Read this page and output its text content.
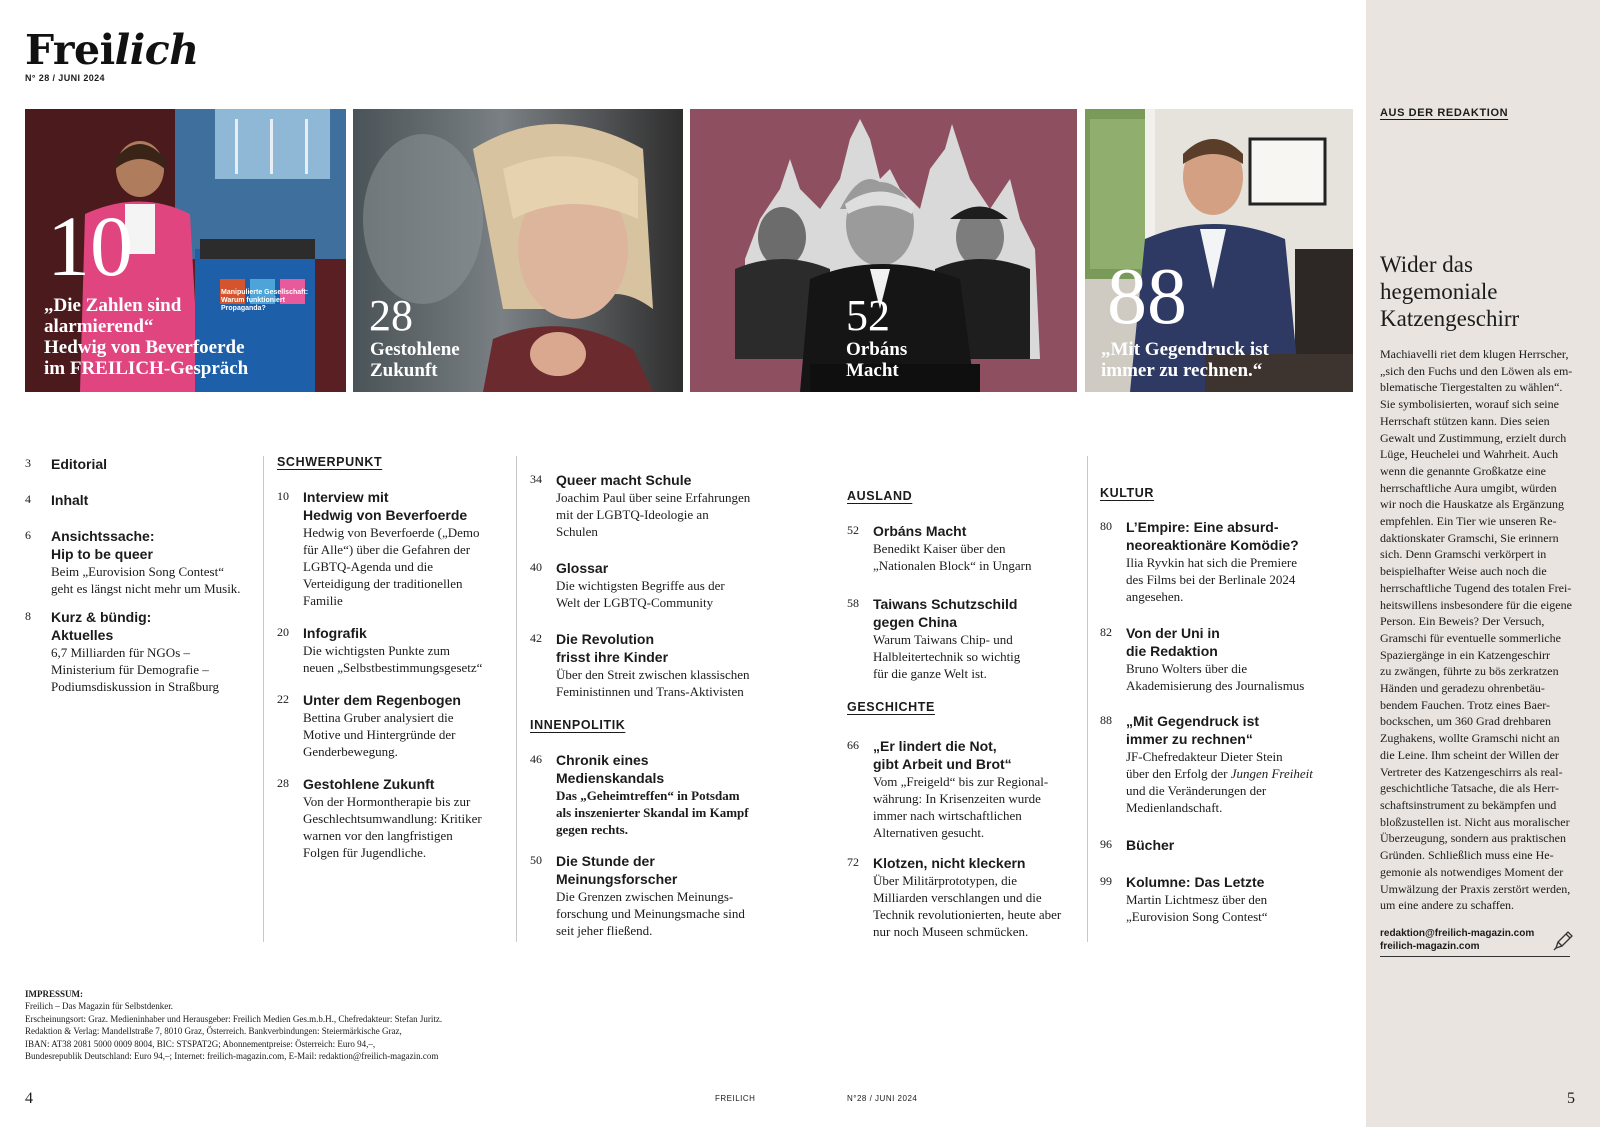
Freilich
N° 28 / JUNI 2024
Manipulierte Gesellschaft:
Warum funktioniert Propaganda?
10
„Die Zahlen sind
alarmierend“
Hedwig von Beverfoerde
im FREILICH-Gespräch
28
Gestohlene
Zukunft
52
Orbáns
Macht
88
„Mit Gegendruck ist
immer zu rechnen.“
3 Editorial
4 Inhalt
6 Ansichtssache:
Hip to be queer
Beim „Eurovision Song Contest“
geht es längst nicht mehr um Musik.
8 Kurz & bündig:
Aktuelles
6,7 Milliarden für NGOs –
Ministerium für Demografie –
Podiumsdiskussion in Straßburg
SCHWERPUNKT
10 Interview mit
Hedwig von Beverfoerde
Hedwig von Beverfoerde („Demo
für Alle“) über die Gefahren der
LGBTQ-Agenda und die
Verteidigung der traditionellen
Familie
20 Infografik
Die wichtigsten Punkte zum
neuen „Selbstbestimmungsgesetz“
22 Unter dem Regenbogen
Bettina Gruber analysiert die
Motive und Hintergründe der
Genderbewegung.
28 Gestohlene Zukunft
Von der Hormontherapie bis zur
Geschlechtsumwandlung: Kritiker
warnen vor den langfristigen
Folgen für Jugendliche.
34 Queer macht Schule
Joachim Paul über seine Erfahrungen
mit der LGBTQ-Ideologie an
Schulen
40 Glossar
Die wichtigsten Begriffe aus der
Welt der LGBTQ-Community
42 Die Revolution
frisst ihre Kinder
Über den Streit zwischen klassischen
Feministinnen und Trans-Aktivisten
INNENPOLITIK
46 Chronik eines
Medienskandals
Das „Geheimtreffen“ in Potsdam
als inszenierter Skandal im Kampf
gegen rechts.
50 Die Stunde der
Meinungsforscher
Die Grenzen zwischen Meinungs-
forschung und Meinungsmache sind
seit jeher fließend.
AUSLAND
52 Orbáns Macht
Benedikt Kaiser über den
„Nationalen Block“ in Ungarn
58 Taiwans Schutzschild
gegen China
Warum Taiwans Chip- und
Halbleitertechnik so wichtig
für die ganze Welt ist.
GESCHICHTE
66 „Er lindert die Not,
gibt Arbeit und Brot“
Vom „Freigeld“ bis zur Regional-
währung: In Krisenzeiten wurde
immer nach wirtschaftlichen
Alternativen gesucht.
72 Klotzen, nicht kleckern
Über Militärprototypen, die
Milliarden verschlangen und die
Technik revolutionierten, heute aber
nur noch Museen schmücken.
KULTUR
80 L’Empire: Eine absurd-
neoreaktionäre Komödie?
Ilia Ryvkin hat sich die Premiere
des Films bei der Berlinale 2024
angesehen.
82 Von der Uni in
die Redaktion
Bruno Wolters über die
Akademisierung des Journalismus
88 „Mit Gegendruck ist
immer zu rechnen“
JF-Chefredakteur Dieter Stein
über den Erfolg der Jungen Freiheit
und die Veränderungen der
Medienlandschaft.
96 Bücher
99 Kolumne: Das Letzte
Martin Lichtmesz über den
„Eurovision Song Contest“
AUS DER REDAKTION
Wider das
hegemoniale
Katzengeschirr
Machiavelli riet dem klugen Herrscher,
„sich den Fuchs und den Löwen als em-
blematische Tiergestalten zu wählen“.
Sie symbolisierten, worauf sich seine
Herrschaft stützen kann. Dies seien
Gewalt und Zustimmung, erzielt durch
Lüge, Heuchelei und Wahrheit. Auch
wenn die genannte Großkatze eine
herrschaftliche Aura umgibt, würden
wir noch die Hauskatze als Ergänzung
empfehlen. Ein Tier wie unseren Re-
daktionskater Gramschi, Sie erinnern
sich. Denn Gramschi verkörpert in
beispielhafter Weise auch noch die
herrschaftliche Tugend des totalen Frei-
heitswillens insbesondere für die eigene
Person. Ein Beweis? Der Versuch,
Gramschi für eventuelle sommerliche
Spaziergänge in ein Katzengeschirr
zu zwängen, führte zu bös zerkratzen
Händen und geradezu ohrenbetäu-
bendem Fauchen. Trotz eines Baer-
bockschen, um 360 Grad drehbaren
Zughakens, wollte Gramschi nicht an
die Leine. Ihm scheint der Willen der
Vertreter des Katzengeschirrs als real-
geschichtliche Tatsache, die als Herr-
schaftsinstrument zu bekämpfen und
bloßzustellen ist. Nicht aus moralischer
Überzeugung, sondern aus praktischen
Gründen. Schließlich muss eine He-
gemonie als notwendiges Moment der
Umwälzung der Praxis zerstört werden,
um eine andere zu schaffen.
redaktion@freilich-magazin.com
freilich-magazin.com
IMPRESSUM:
Freilich – Das Magazin für Selbstdenker.
Erscheinungsort: Graz. Medieninhaber und Herausgeber: Freilich Medien Ges.m.b.H., Chefredakteur: Stefan Juritz.
Redaktion & Verlag: Mandellstraße 7, 8010 Graz, Österreich. Bankverbindungen: Steiermärkische Graz,
IBAN: AT38 2081 5000 0009 8004, BIC: STSPAT2G; Abonnementpreise: Österreich: Euro 94,–,
Bundesrepublik Deutschland: Euro 94,–; Internet: freilich-magazin.com, E-Mail: redaktion@freilich-magazin.com
4	FREILICH	N°28 / JUNI 2024	5
